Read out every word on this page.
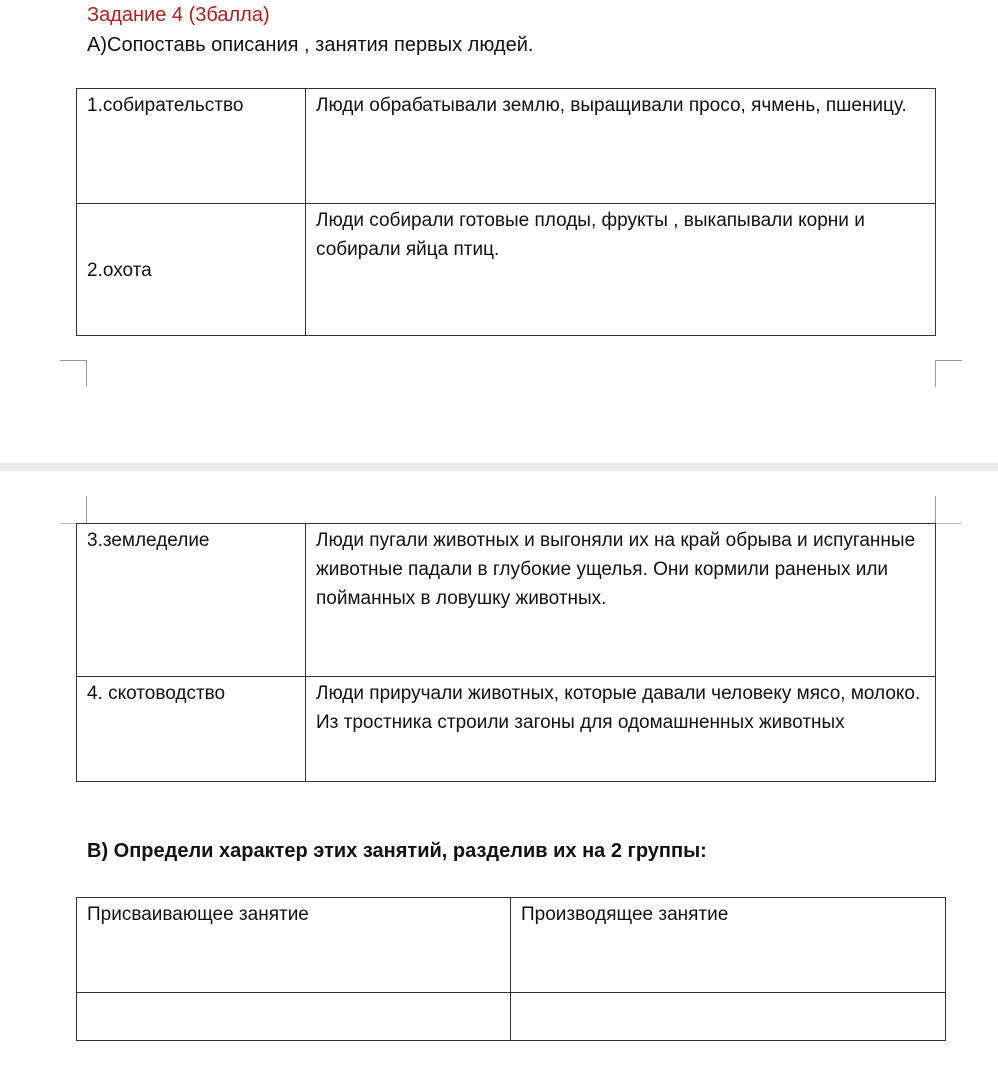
Задание 4 (3балла)
А)Сопоставь описания , занятия первых людей.
1.собирательство	Люди обрабатывали землю, выращивали просо, ячмень, пшеницу.
2.охота	Люди собирали готовые плоды, фрукты , выкапывали корни и собирали яйца птиц.
3.земледелие	Люди пугали животных и выгоняли их на край обрыва и испуганные животные падали в глубокие ущелья. Они кормили раненых или пойманных в ловушку животных.
4. скотоводство	Люди приручали животных, которые давали человеку мясо, молоко. Из тростника строили загоны для одомашненных животных
В) Определи характер этих занятий, разделив их на 2 группы:
Присваивающее занятие	Производящее занятие
